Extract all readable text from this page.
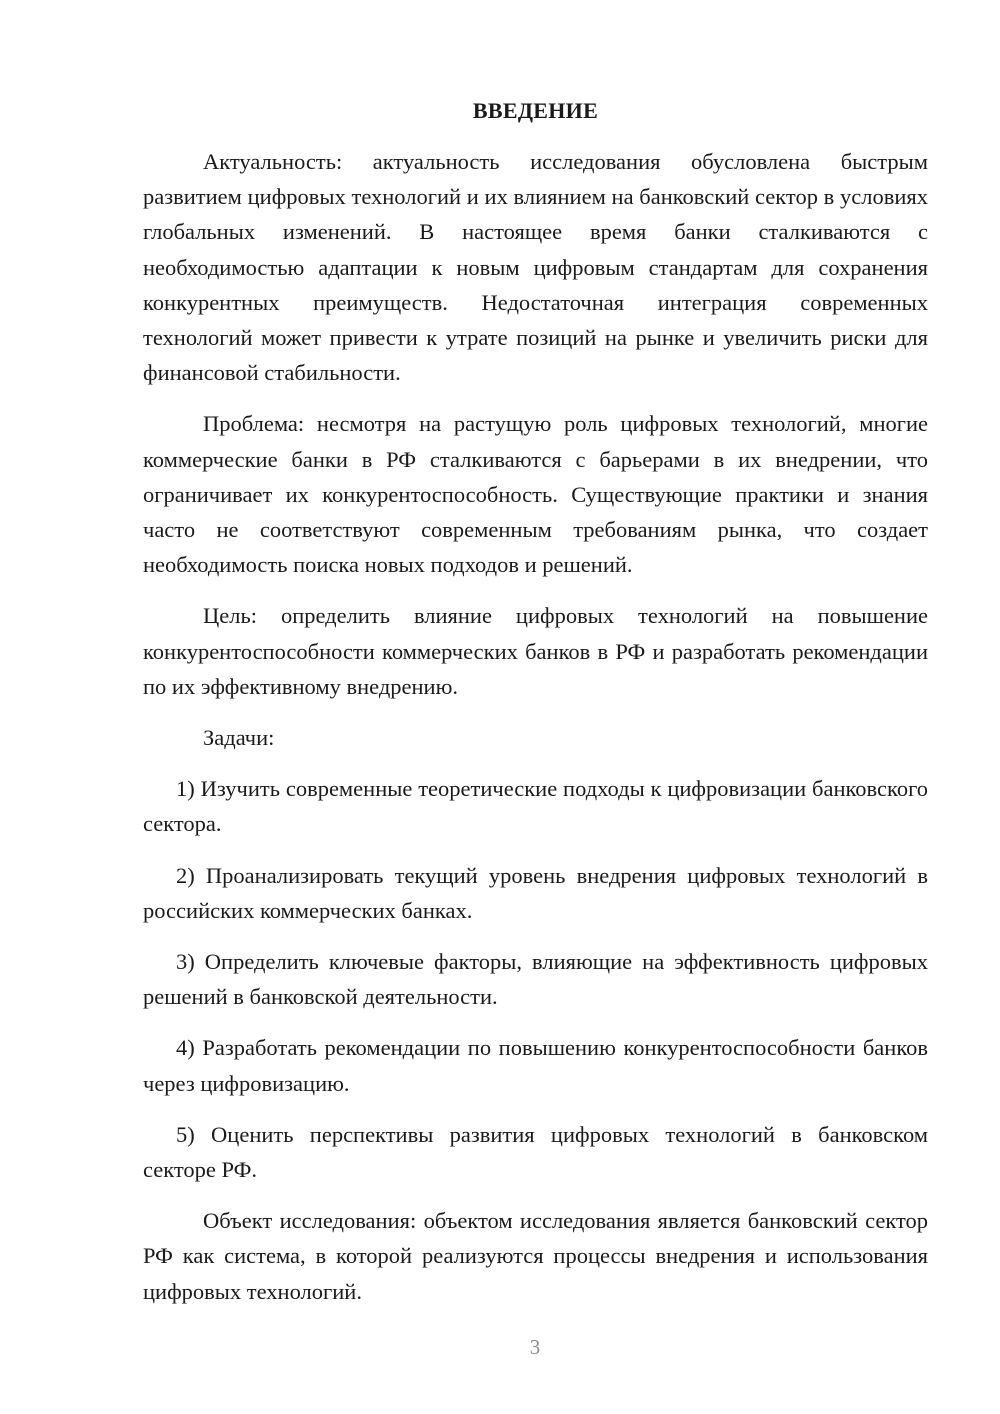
ВВЕДЕНИЕ

Актуальность: актуальность исследования обусловлена быстрым развитием цифровых технологий и их влиянием на банковский сектор в условиях глобальных изменений. В настоящее время банки сталкиваются с необходимостью адаптации к новым цифровым стандартам для сохранения конкурентных преимуществ. Недостаточная интеграция современных технологий может привести к утрате позиций на рынке и увеличить риски для финансовой стабильности.

Проблема: несмотря на растущую роль цифровых технологий, многие коммерческие банки в РФ сталкиваются с барьерами в их внедрении, что ограничивает их конкурентоспособность. Существующие практики и знания часто не соответствуют современным требованиям рынка, что создает необходимость поиска новых подходов и решений.

Цель: определить влияние цифровых технологий на повышение конкурентоспособности коммерческих банков в РФ и разработать рекомендации по их эффективному внедрению.

Задачи:

1) Изучить современные теоретические подходы к цифровизации банковского сектора.

2) Проанализировать текущий уровень внедрения цифровых технологий в российских коммерческих банках.

3) Определить ключевые факторы, влияющие на эффективность цифровых решений в банковской деятельности.

4) Разработать рекомендации по повышению конкурентоспособности банков через цифровизацию.

5) Оценить перспективы развития цифровых технологий в банковском секторе РФ.

Объект исследования: объектом исследования является банковский сектор РФ как система, в которой реализуются процессы внедрения и использования цифровых технологий.

3
